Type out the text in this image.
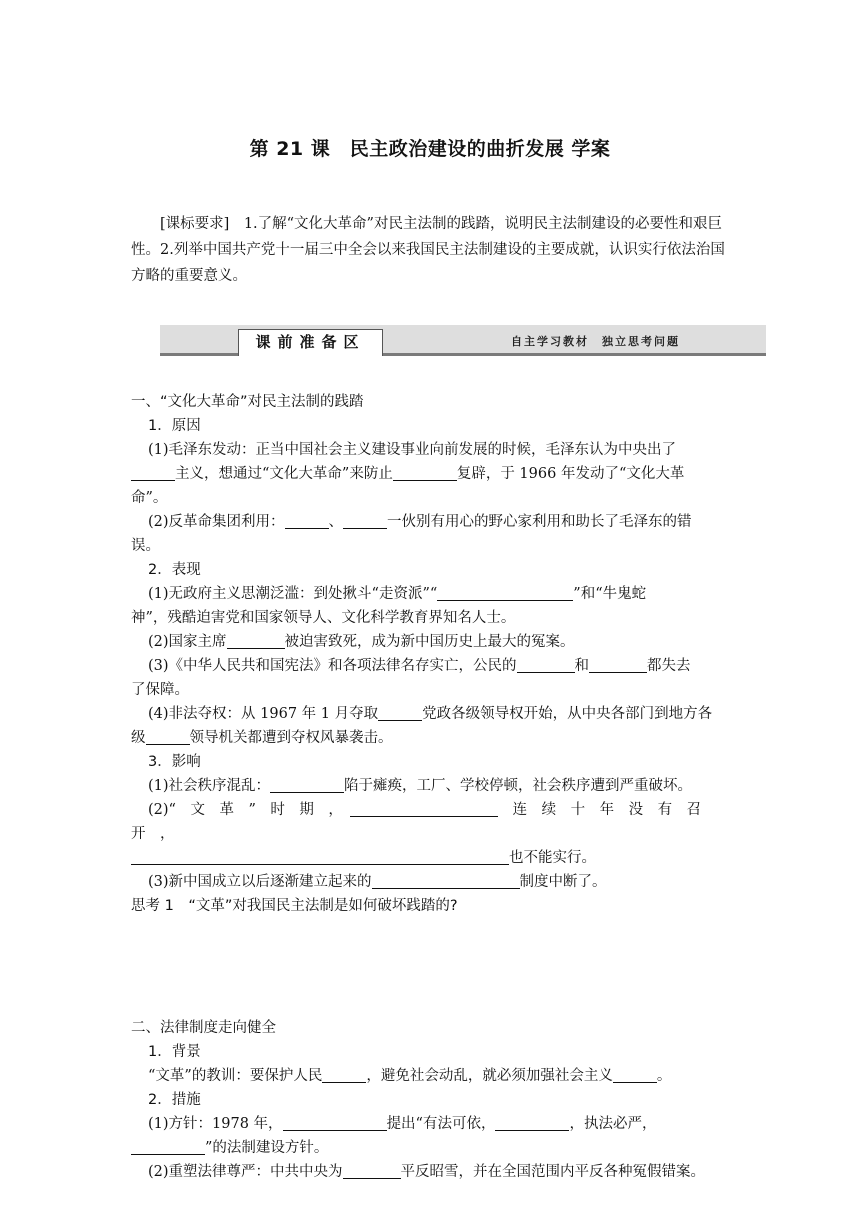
第 21 课　民主政治建设的曲折发展 学案

[课标要求]　1.了解“文化大革命”对民主法制的践踏，说明民主法制建设的必要性和艰巨性。2.列举中国共产党十一届三中全会以来我国民主法制建设的主要成就，认识实行依法治国方略的重要意义。

课前准备区	自主学习教材　独立思考问题

一、“文化大革命”对民主法制的践踏

1．原因

(1)毛泽东发动：正当中国社会主义建设事业向前发展的时候，毛泽东认为中央出了
主义，想通过“文化大革命”来防止	复辟，于 1966 年发动了“文化大革
命”。

(2)反革命集团利用：	、	一伙别有用心的野心家利用和助长了毛泽东的错
误。

2．表现

(1)无政府主义思潮泛滥：到处揪斗“走资派”“	”和“牛鬼蛇
神”，残酷迫害党和国家领导人、文化科学教育界知名人士。

(2)国家主席	被迫害致死，成为新中国历史上最大的冤案。

(3)《中华人民共和国宪法》和各项法律名存实亡，公民的	和	都失去
了保障。

(4)非法夺权：从 1967 年 1 月夺取	党政各级领导权开始，从中央各部门到地方各
级	领导机关都遭到夺权风暴袭击。

3．影响

(1)社会秩序混乱：	陷于瘫痪，工厂、学校停顿，社会秩序遭到严重破坏。

(2)“　文　革　”　时　期　，　　	连　续　十　年　没　有　召　开　，

也不能实行。

(3)新中国成立以后逐渐建立起来的	制度中断了。

思考 1　“文革”对我国民主法制是如何破坏践踏的?

二、法律制度走向健全

1．背景

“文革”的教训：要保护人民	，避免社会动乱，就必须加强社会主义	。

2．措施

(1)方针：1978 年，	提出“有法可依，	，执法必严，
”的法制建设方针。

(2)重塑法律尊严：中共中央为	平反昭雪，并在全国范围内平反各种冤假错案。
